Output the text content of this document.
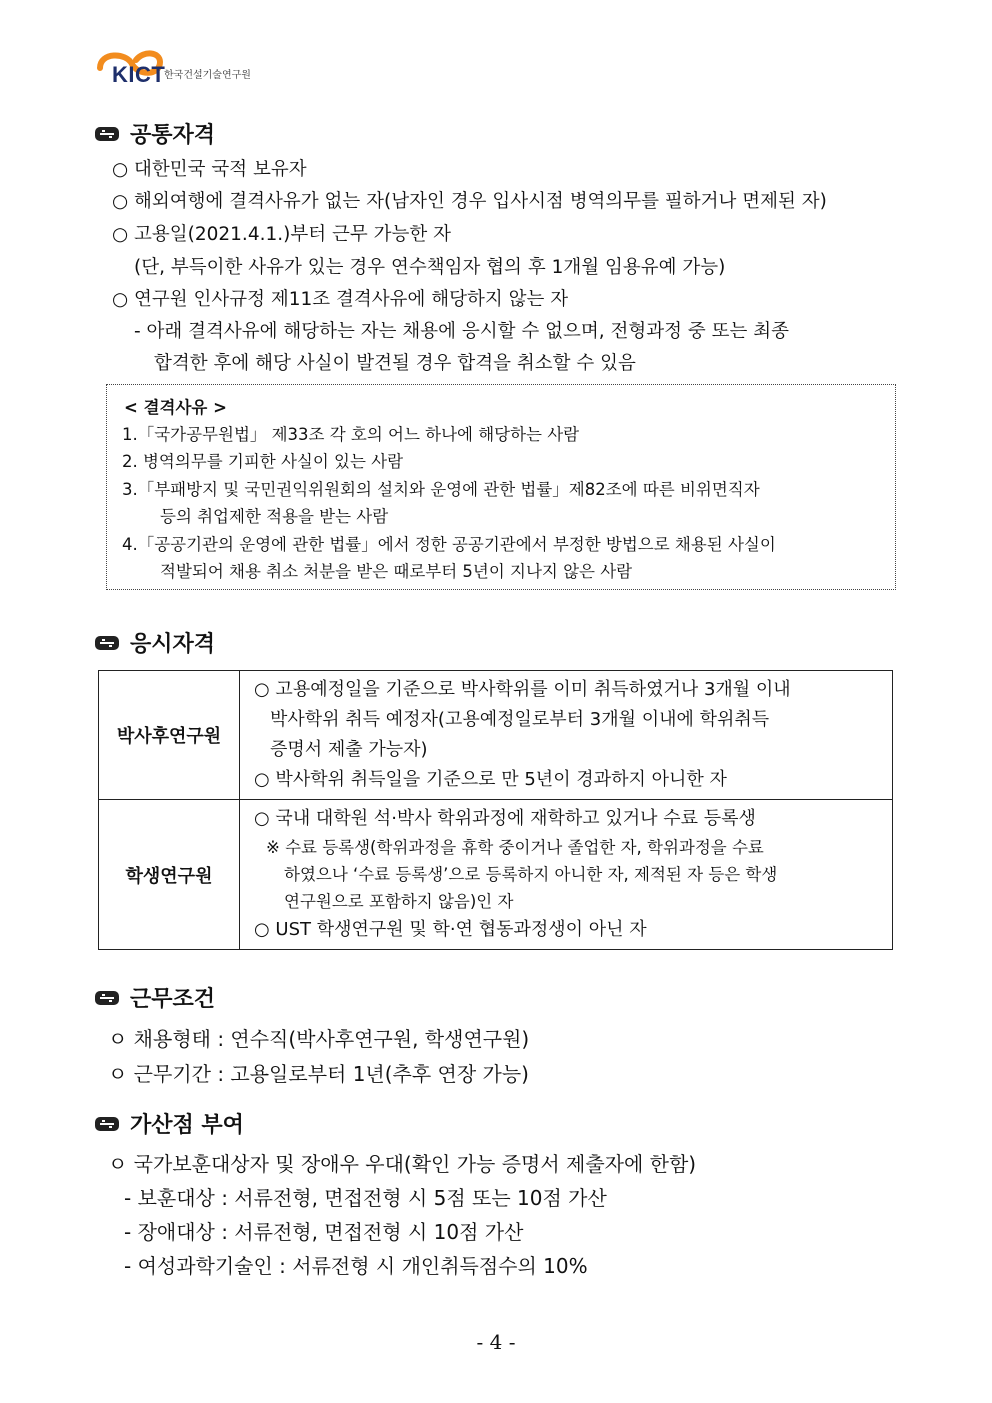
KICT
한국건설기술연구원
공통자격
○ 대한민국 국적 보유자
○ 해외여행에 결격사유가 없는 자(남자인 경우 입사시점 병역의무를 필하거나 면제된 자)
○ 고용일(2021.4.1.)부터 근무 가능한 자
(단, 부득이한 사유가 있는 경우 연수책임자 협의 후 1개월 임용유예 가능)
○ 연구원 인사규정 제11조 결격사유에 해당하지 않는 자
- 아래 결격사유에 해당하는 자는 채용에 응시할 수 없으며, 전형과정 중 또는 최종
합격한 후에 해당 사실이 발견될 경우 합격을 취소할 수 있음
< 결격사유 >
1.「국가공무원법」 제33조 각 호의 어느 하나에 해당하는 사람
2. 병역의무를 기피한 사실이 있는 사람
3.「부패방지 및 국민권익위원회의 설치와 운영에 관한 법률」제82조에 따른 비위면직자
등의 취업제한 적용을 받는 사람
4.「공공기관의 운영에 관한 법률」에서 정한 공공기관에서 부정한 방법으로 채용된 사실이
적발되어 채용 취소 처분을 받은 때로부터 5년이 지나지 않은 사람
응시자격
박사후연구원	○ 고용예정일을 기준으로 박사학위를 이미 취득하였거나 3개월 이내
박사학위 취득 예정자(고용예정일로부터 3개월 이내에 학위취득
증명서 제출 가능자)
○ 박사학위 취득일을 기준으로 만 5년이 경과하지 아니한 자

학생연구원	○ 국내 대학원 석·박사 학위과정에 재학하고 있거나 수료 등록생
※ 수료 등록생(학위과정을 휴학 중이거나 졸업한 자, 학위과정을 수료
하였으나 ‘수료 등록생’으로 등록하지 아니한 자, 제적된 자 등은 학생
연구원으로 포함하지 않음)인 자
○ UST 학생연구원 및 학·연 협동과정생이 아닌 자
근무조건
ㅇ 채용형태 : 연수직(박사후연구원, 학생연구원)
ㅇ 근무기간 : 고용일로부터 1년(추후 연장 가능)
가산점 부여
ㅇ 국가보훈대상자 및 장애우 우대(확인 가능 증명서 제출자에 한함)
- 보훈대상 : 서류전형, 면접전형 시 5점 또는 10점 가산
- 장애대상 : 서류전형, 면접전형 시 10점 가산
- 여성과학기술인 : 서류전형 시 개인취득점수의 10%
- 4 -
